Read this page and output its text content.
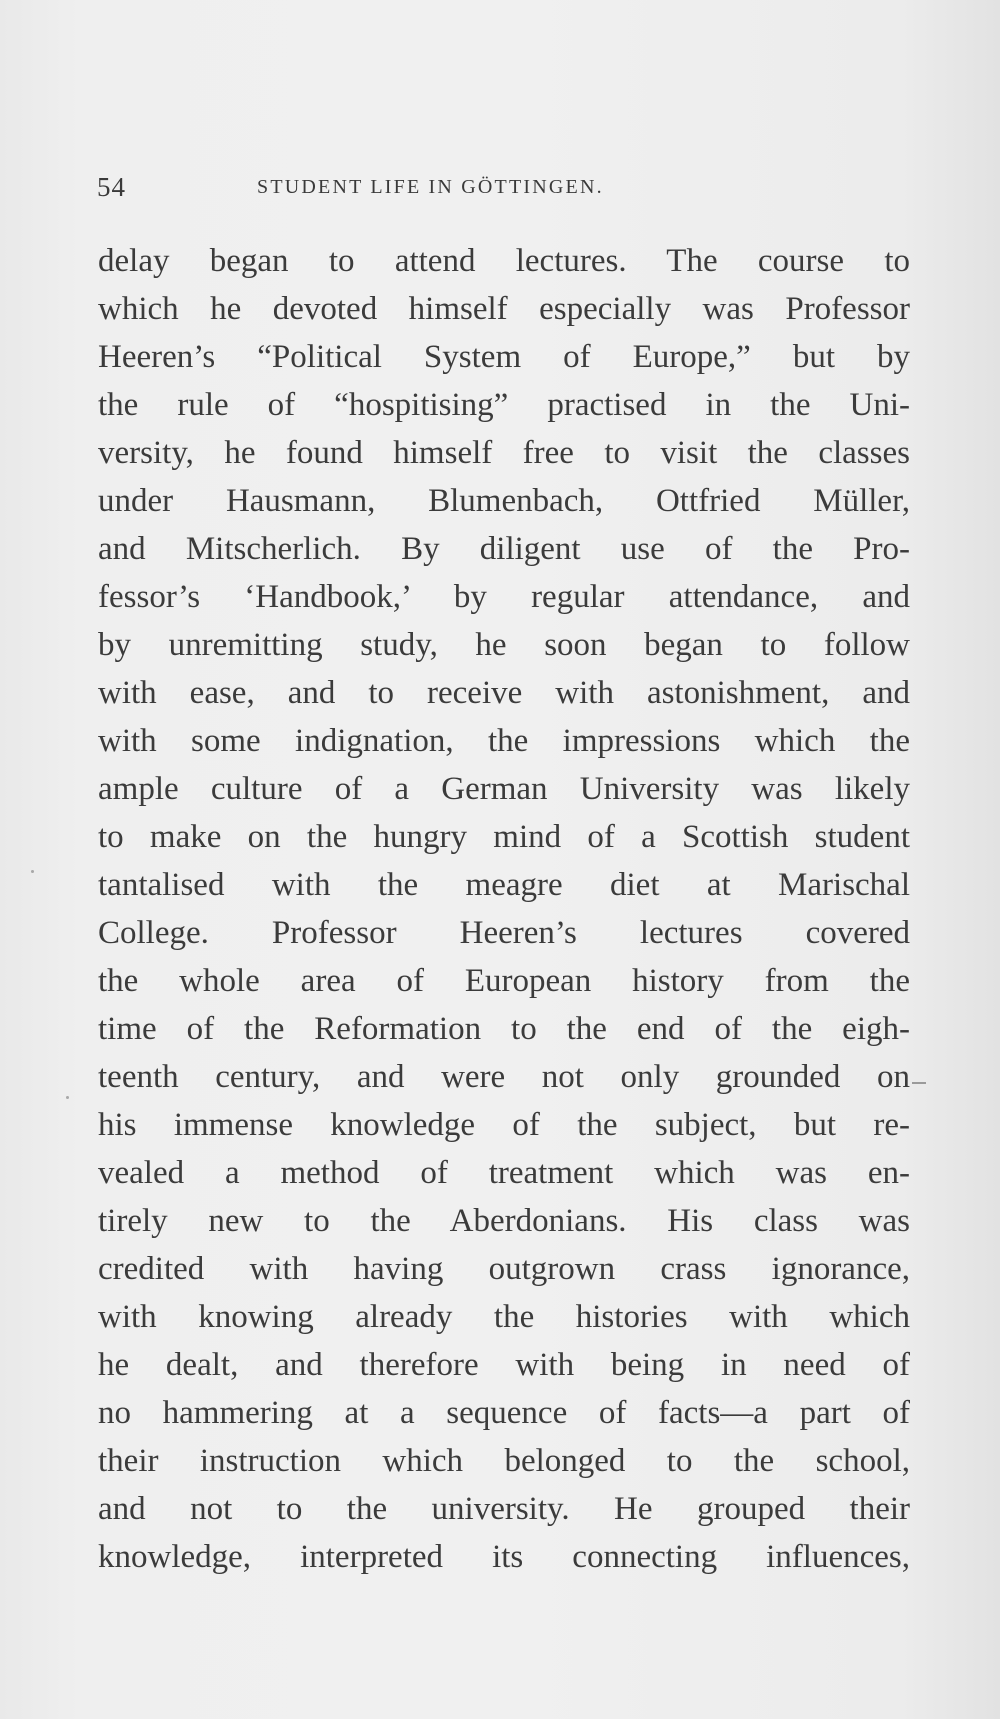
54	STUDENT LIFE IN GÖTTINGEN.
delay began to attend lectures. The course to
which he devoted himself especially was Professor
Heeren’s “Political System of Europe,” but by
the rule of “hospitising” practised in the Uni-
versity, he found himself free to visit the classes
under Hausmann, Blumenbach, Ottfried Müller,
and Mitscherlich. By diligent use of the Pro-
fessor’s ‘Handbook,’ by regular attendance, and
by unremitting study, he soon began to follow
with ease, and to receive with astonishment, and
with some indignation, the impressions which the
ample culture of a German University was likely
to make on the hungry mind of a Scottish student
tantalised with the meagre diet at Marischal
College. Professor Heeren’s lectures covered
the whole area of European history from the
time of the Reformation to the end of the eigh-
teenth century, and were not only grounded on
his immense knowledge of the subject, but re-
vealed a method of treatment which was en-
tirely new to the Aberdonians. His class was
credited with having outgrown crass ignorance,
with knowing already the histories with which
he dealt, and therefore with being in need of
no hammering at a sequence of facts—a part of
their instruction which belonged to the school,
and not to the university. He grouped their
knowledge, interpreted its connecting influences,
